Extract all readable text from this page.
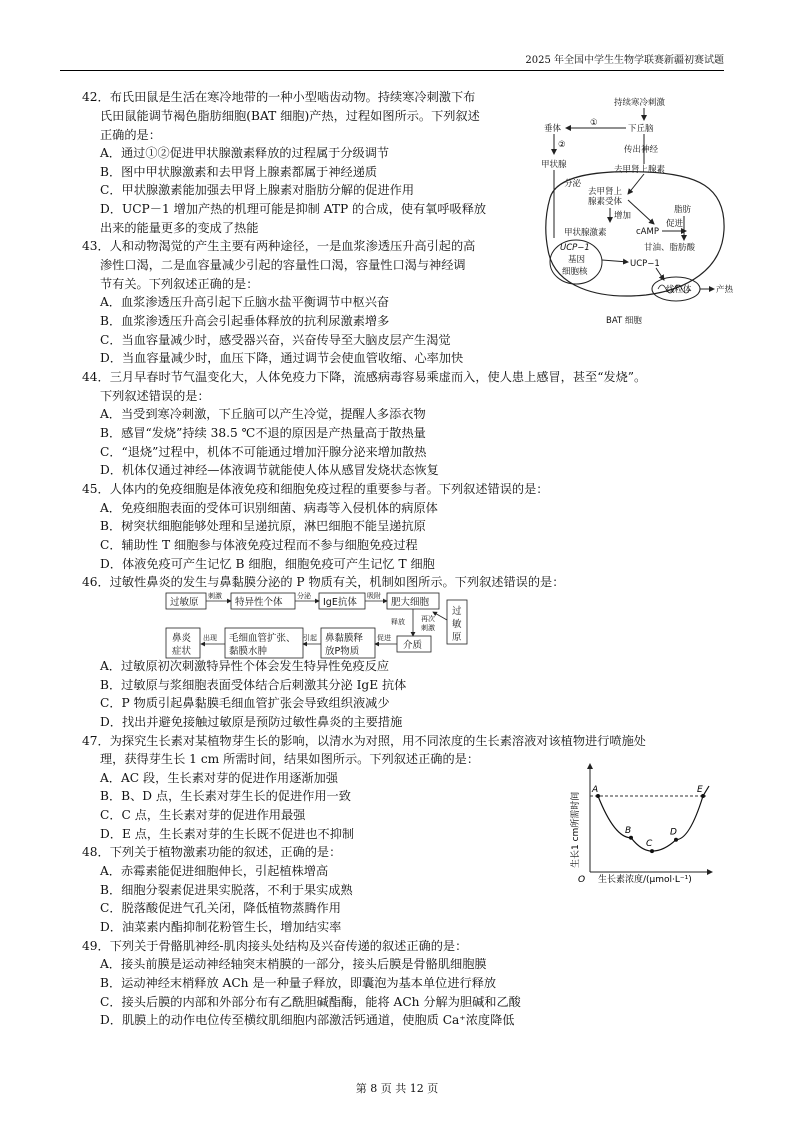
2025 年全国中学生生物学联赛新疆初赛试题
42．布氏田鼠是生活在寒冷地带的一种小型啮齿动物。持续寒冷刺激下布
氏田鼠能调节褐色脂肪细胞(BAT 细胞)产热，过程如图所示。下列叙述
正确的是：
A．通过①②促进甲状腺激素释放的过程属于分级调节
B．图中甲状腺激素和去甲肾上腺素都属于神经递质
C．甲状腺激素能加强去甲肾上腺素对脂肪分解的促进作用
D．UCP－1 增加产热的机理可能是抑制 ATP 的合成，使有氧呼吸释放
出来的能量更多的变成了热能
43．人和动物渴觉的产生主要有两种途径，一是血浆渗透压升高引起的高
渗性口渴，二是血容量减少引起的容量性口渴，容量性口渴与神经调
节有关。下列叙述正确的是：
A．血浆渗透压升高引起下丘脑水盐平衡调节中枢兴奋
B．血浆渗透压升高会引起垂体释放的抗利尿激素增多
C．当血容量减少时，感受器兴奋，兴奋传导至大脑皮层产生渴觉
D．当血容量减少时，血压下降，通过调节会使血管收缩、心率加快
44．三月早春时节气温变化大，人体免疫力下降，流感病毒容易乘虚而入，使人患上感冒，甚至“发烧”。
下列叙述错误的是：
A．当受到寒冷刺激，下丘脑可以产生冷觉，提醒人多添衣物
B．感冒“发烧”持续 38.5 ℃不退的原因是产热量高于散热量
C．“退烧”过程中，机体不可能通过增加汗腺分泌来增加散热
D．机体仅通过神经—体液调节就能使人体从感冒发烧状态恢复
45．人体内的免疫细胞是体液免疫和细胞免疫过程的重要参与者。下列叙述错误的是：
A．免疫细胞表面的受体可识别细菌、病毒等入侵机体的病原体
B．树突状细胞能够处理和呈递抗原，淋巴细胞不能呈递抗原
C．辅助性 T 细胞参与体液免疫过程而不参与细胞免疫过程
D．体液免疫可产生记忆 B 细胞，细胞免疫可产生记忆 T 细胞
46．过敏性鼻炎的发生与鼻黏膜分泌的 P 物质有关，机制如图所示。下列叙述错误的是：
A．过敏原初次刺激特异性个体会发生特异性免疫反应
B．过敏原与浆细胞表面受体结合后刺激其分泌 IgE 抗体
C．P 物质引起鼻黏膜毛细血管扩张会导致组织液减少
D．找出并避免接触过敏原是预防过敏性鼻炎的主要措施
47．为探究生长素对某植物芽生长的影响，以清水为对照，用不同浓度的生长素溶液对该植物进行喷施处
理，获得芽生长 1 cm 所需时间，结果如图所示。下列叙述正确的是：
A．AC 段，生长素对芽的促进作用逐渐加强
B．B、D 点，生长素对芽生长的促进作用一致
C．C 点，生长素对芽的促进作用最强
D．E 点，生长素对芽的生长既不促进也不抑制
48．下列关于植物激素功能的叙述，正确的是：
A．赤霉素能促进细胞伸长，引起植株增高
B．细胞分裂素促进果实脱落，不利于果实成熟
C．脱落酸促进气孔关闭，降低植物蒸腾作用
D．油菜素内酯抑制花粉管生长，增加结实率
49．下列关于骨骼肌神经-肌肉接头处结构及兴奋传递的叙述正确的是：
A．接头前膜是运动神经轴突末梢膜的一部分，接头后膜是骨骼肌细胞膜
B．运动神经末梢释放 ACh 是一种量子释放，即囊泡为基本单位进行释放
C．接头后膜的内部和外部分布有乙酰胆碱酯酶，能将 ACh 分解为胆碱和乙酸
D．肌膜上的动作电位传至横纹肌细胞内部激活钙通道，使胞质 Ca⁺浓度降低
持续寒冷刺激
下丘脑
垂体
①
②
甲状腺
传出神经
去甲肾上腺素
分泌
去甲肾上
腺素受体
增加
甲状腺激素
脂肪
cAMP
促进
甘油、脂肪酸
UCP−1
基因
细胞核
UCP−1
线粒体	产热
BAT 细胞
过敏原
刺激
特异性个体
分泌
IgE抗体
吸附
肥大细胞
过
敏
原
再次
刺激
释放
介质
促进
鼻黏膜释
放P物质
引起
毛细血管扩张、
黏膜水肿
出现
鼻炎
症状
O 生长素浓度/(μmol·L⁻¹)
生长1 cm所需时间
A
B
C
D
E
第 8 页 共 12 页
